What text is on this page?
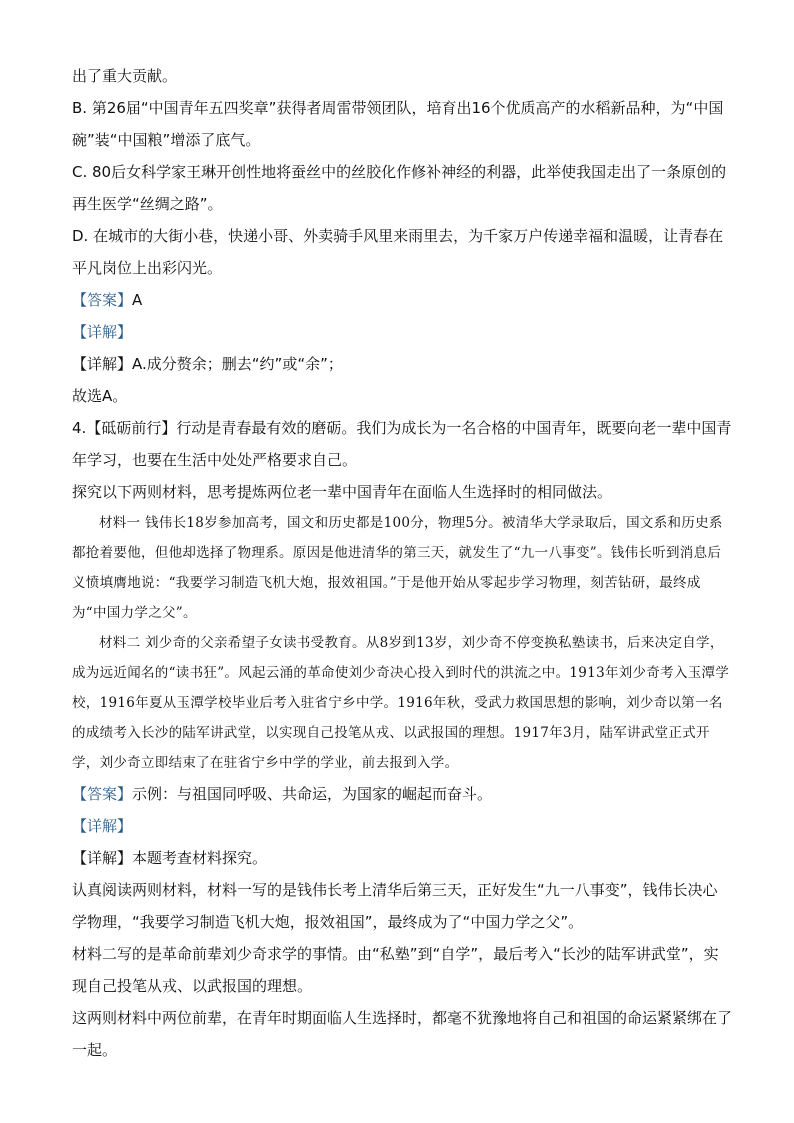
出了重大贡献。

B. 第26届“中国青年五四奖章”获得者周雷带领团队，培育出16个优质高产的水稻新品种，为“中国碗”装“中国粮”增添了底气。

C. 80后女科学家王琳开创性地将蚕丝中的丝胶化作修补神经的利器，此举使我国走出了一条原创的再生医学“丝绸之路”。

D. 在城市的大街小巷，快递小哥、外卖骑手风里来雨里去，为千家万户传递幸福和温暖，让青春在平凡岗位上出彩闪光。

【答案】A

【详解】

【详解】A.成分赘余；删去“约”或“余”；

故选A。

4.【砥砺前行】行动是青春最有效的磨砺。我们为成长为一名合格的中国青年，既要向老一辈中国青年学习，也要在生活中处处严格要求自己。

探究以下两则材料，思考提炼两位老一辈中国青年在面临人生选择时的相同做法。

材料一 钱伟长18岁参加高考，国文和历史都是100分，物理5分。被清华大学录取后，国文系和历史系都抢着要他，但他却选择了物理系。原因是他进清华的第三天，就发生了“九一八事变”。钱伟长听到消息后义愤填膺地说：“我要学习制造飞机大炮，报效祖国。”于是他开始从零起步学习物理，刻苦钻研，最终成为“中国力学之父”。

材料二 刘少奇的父亲希望子女读书受教育。从8岁到13岁，刘少奇不停变换私塾读书，后来决定自学，成为远近闻名的“读书狂”。风起云涌的革命使刘少奇决心投入到时代的洪流之中。1913年刘少奇考入玉潭学校，1916年夏从玉潭学校毕业后考入驻省宁乡中学。1916年秋，受武力救国思想的影响，刘少奇以第一名的成绩考入长沙的陆军讲武堂，以实现自己投笔从戎、以武报国的理想。1917年3月，陆军讲武堂正式开学，刘少奇立即结束了在驻省宁乡中学的学业，前去报到入学。

【答案】示例：与祖国同呼吸、共命运，为国家的崛起而奋斗。

【详解】

【详解】本题考查材料探究。

认真阅读两则材料，材料一写的是钱伟长考上清华后第三天，正好发生“九一八事变”，钱伟长决心学物理，“我要学习制造飞机大炮，报效祖国”，最终成为了“中国力学之父”。

材料二写的是革命前辈刘少奇求学的事情。由“私塾”到“自学”，最后考入“长沙的陆军讲武堂”，实现自己投笔从戎、以武报国的理想。

这两则材料中两位前辈，在青年时期面临人生选择时，都毫不犹豫地将自己和祖国的命运紧紧绑在了一起。
